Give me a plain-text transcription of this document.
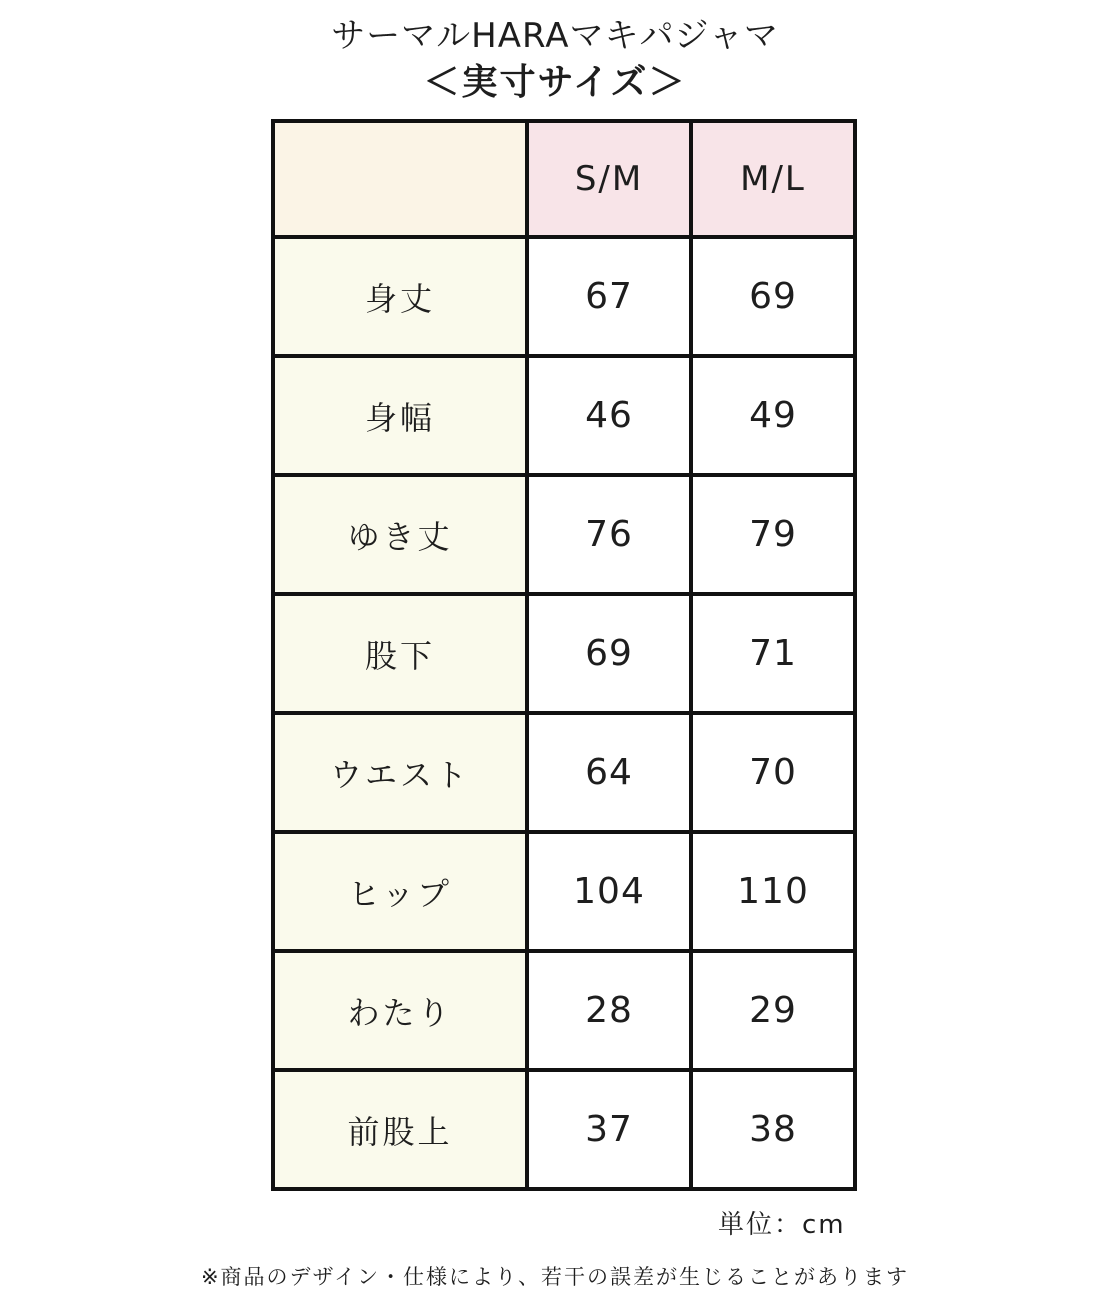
サーマルHARAマキパジャマ
＜実寸サイズ＞
	S/M	M/L
身丈	67	69
身幅	46	49
ゆき丈	76	79
股下	69	71
ウエスト	64	70
ヒップ	104	110
わたり	28	29
前股上	37	38
単位：cm
※商品のデザイン・仕様により、若干の誤差が生じることがあります
